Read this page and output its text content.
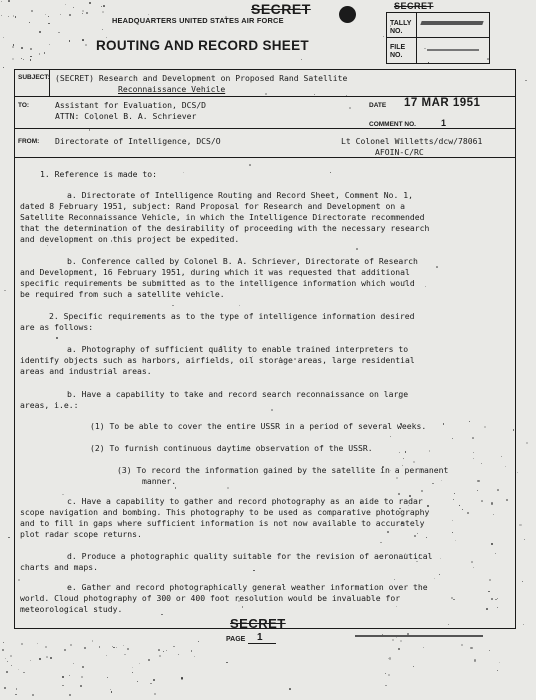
SECRET
HEADQUARTERS UNITED STATES AIR FORCE
ROUTING AND RECORD SHEET
SECRET
TALLY NO.
FILE NO.
SUBJECT: (SECRET) Research and Development on Proposed Rand Satellite
Reconnaissance Vehicle
TO:	Assistant for Evaluation, DCS/D
ATTN: Colonel B. A. Schriever
DATE 17 MAR 1951
COMMENT NO.	1
FROM: Directorate of Intelligence, DCS/O	Lt Colonel Willetts/dcw/78061
AFOIN-C/RC
1. Reference is made to:
a. Directorate of Intelligence Routing and Record Sheet, Comment No. 1,
dated 8 February 1951, subject: Rand Proposal for Research and Development on a
Satellite Reconnaissance Vehicle, in which the Intelligence Directorate recommended
that the determination of the desirability of proceeding with the necessary research
and development on this project be expedited.
b. Conference called by Colonel B. A. Schriever, Directorate of Research
and Development, 16 February 1951, during which it was requested that additional
specific requirements be submitted as to the intelligence information which would
be required from such a satellite vehicle.
2. Specific requirements as to the type of intelligence information desired
are as follows:
a. Photography of sufficient quality to enable trained interpreters to
identify objects such as harbors, airfields, oil storage areas, large residential
areas and industrial areas.
b. Have a capability to take and record search reconnaissance on large
areas, i.e.:
(1) To be able to cover the entire USSR in a period of several weeks.
(2) To furnish continuous daytime observation of the USSR.
(3) To record the information gained by the satellite in a permanent
manner.
c. Have a capability to gather and record photography as an aide to radar
scope navigation and bombing. This photography to be used as comparative photography
and to fill in gaps where sufficient information is not now available to accurately
plot radar scope returns.
d. Produce a photographic quality suitable for the revision of aeronautical
charts and maps.
e. Gather and record photographically general weather information over the
world. Cloud photography of 300 or 400 foot resolution would be invaluable for
meteorological study.
SECRET
PAGE 1
